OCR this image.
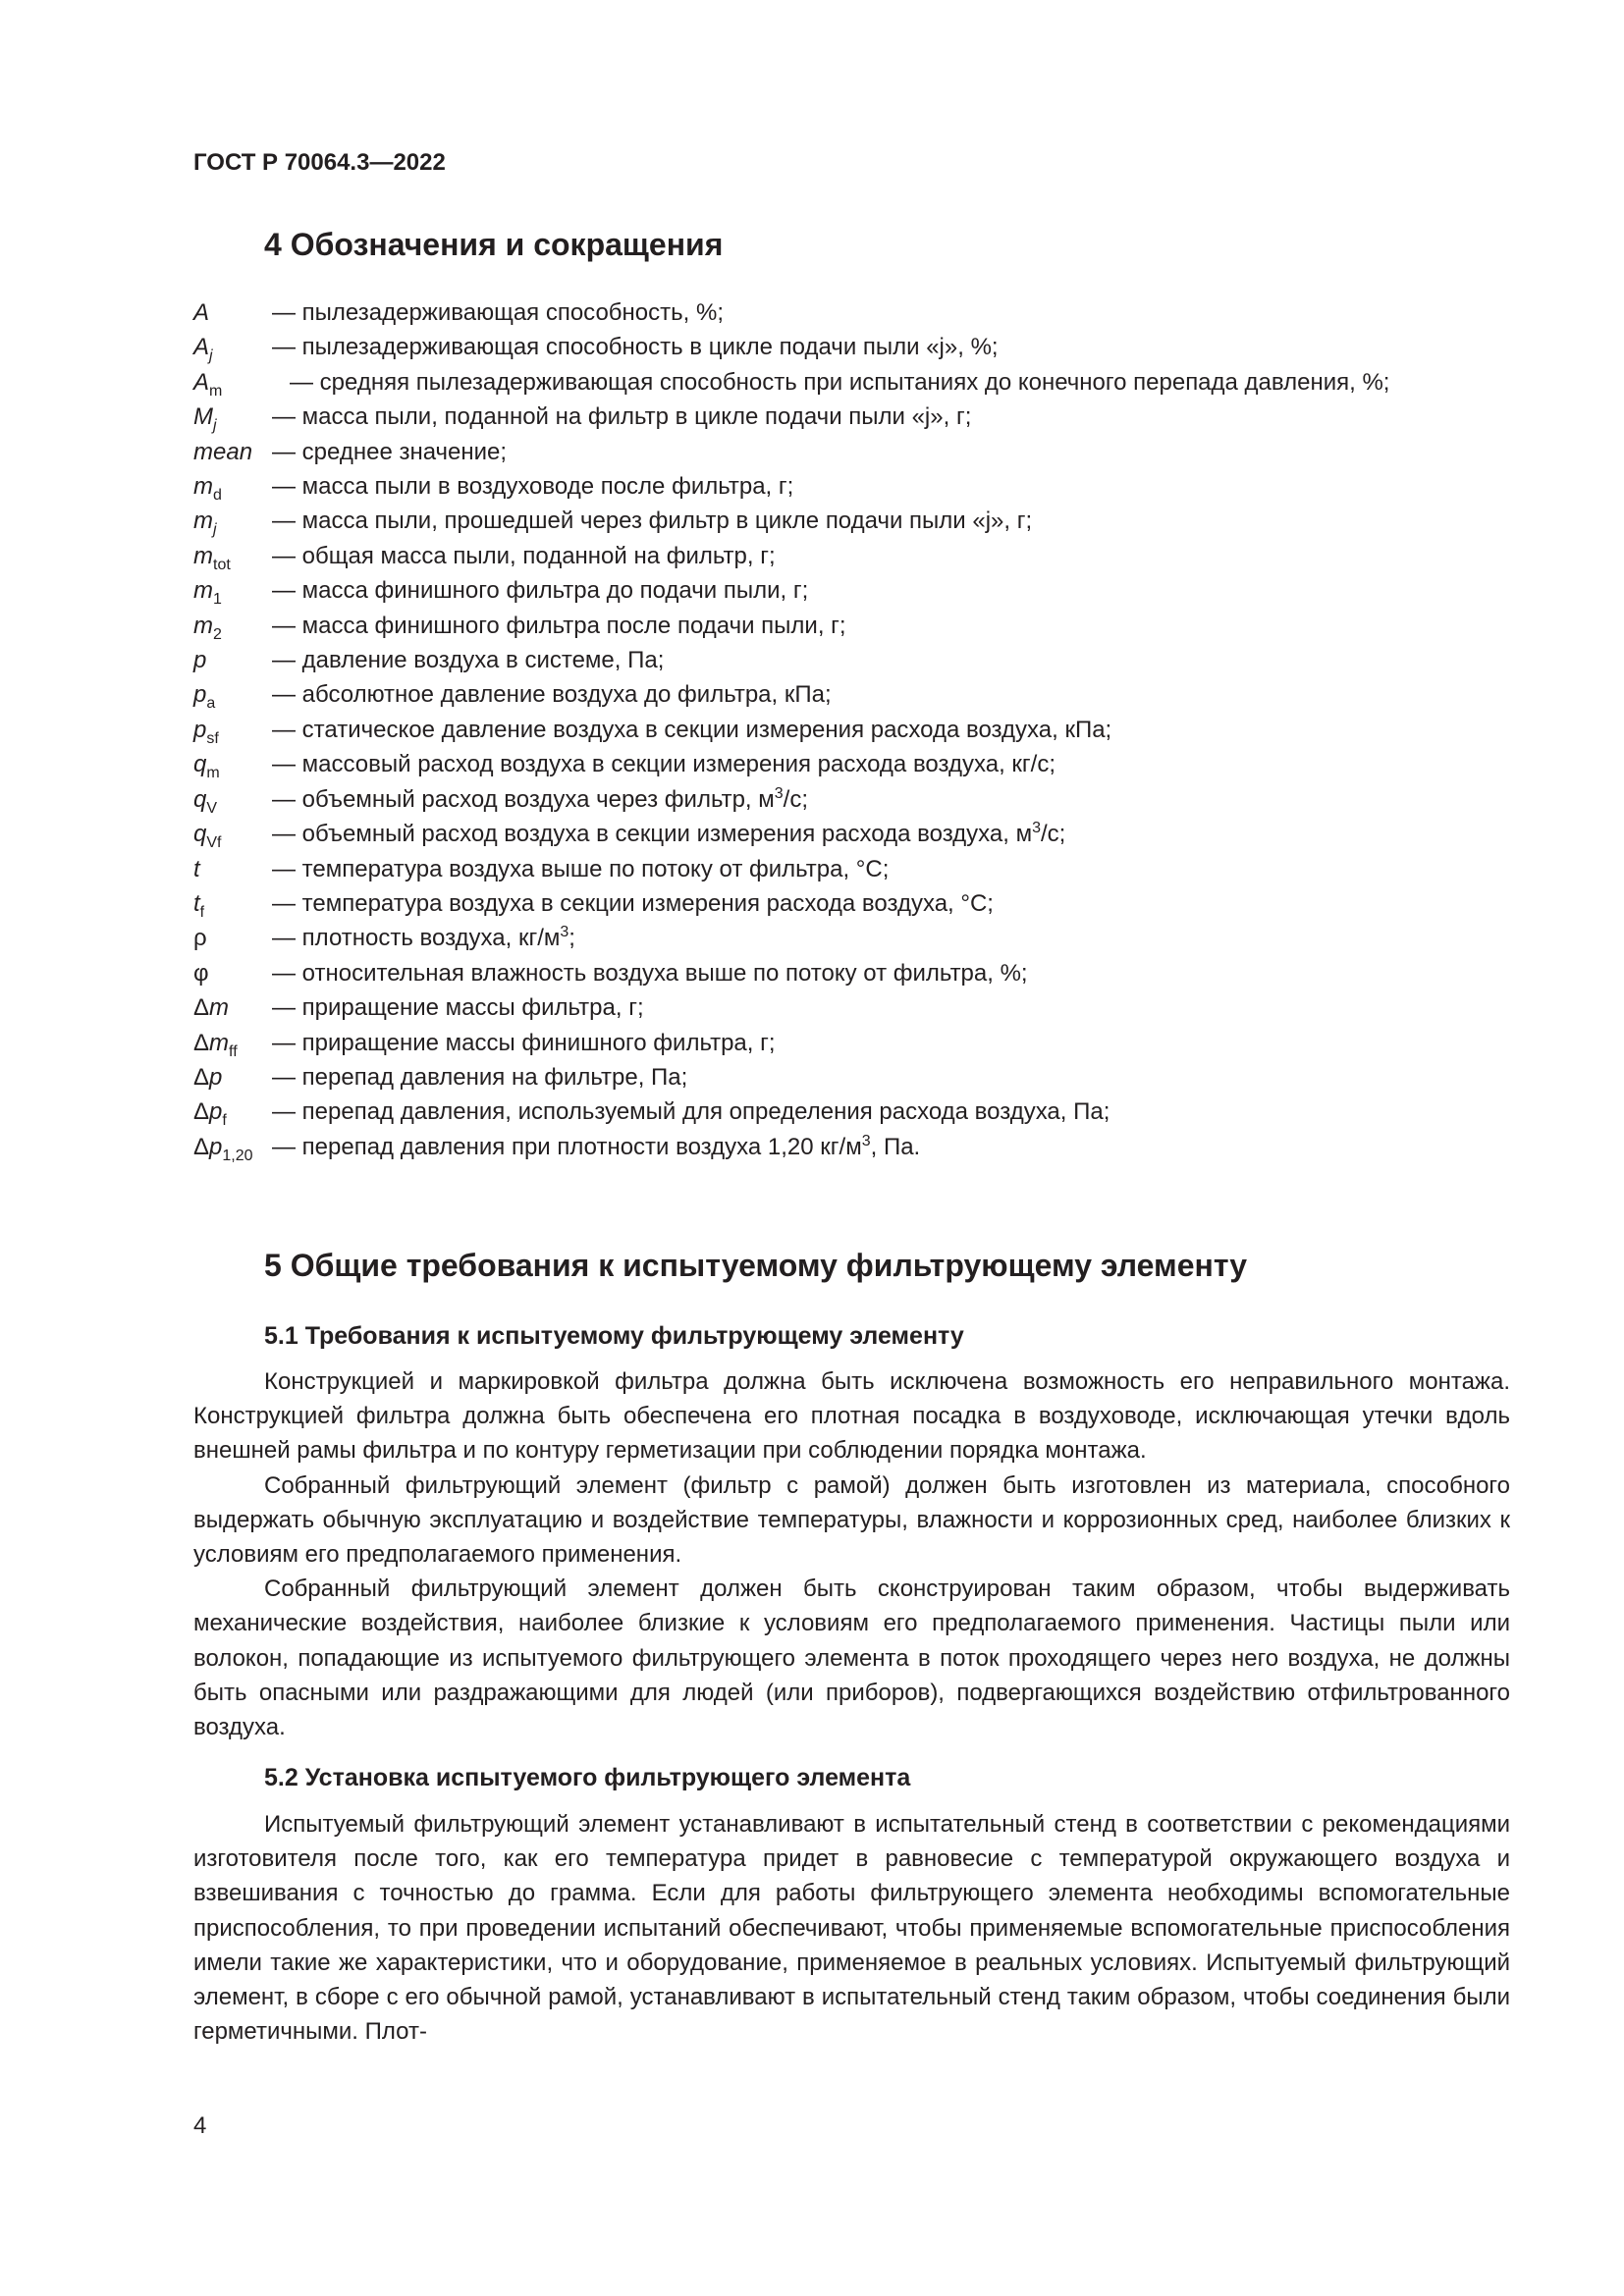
ГОСТ Р 70064.3—2022
4 Обозначения и сокращения
A	— пылезадерживающая способность, %;
$A_j$	— пылезадерживающая способность в цикле подачи пыли «j», %;
$A_m$	— средняя пылезадерживающая способность при испытаниях до конечного перепада давления, %;
$M_j$ — масса пыли, поданной на фильтр в цикле подачи пыли «j», г;
mean — среднее значение;
$m_d$ — масса пыли в воздуховоде после фильтра, г;
$m_j$ — масса пыли, прошедшей через фильтр в цикле подачи пыли «j», г;
$m_{tot}$ — общая масса пыли, поданной на фильтр, г;
$m_1$ — масса финишного фильтра до подачи пыли, г;
$m_2$ — масса финишного фильтра после подачи пыли, г;
p	— давление воздуха в системе, Па;
$p_a$ — абсолютное давление воздуха до фильтра, кПа;
$p_{sf}$ — статическое давление воздуха в секции измерения расхода воздуха, кПа;
$q_m$ — массовый расход воздуха в секции измерения расхода воздуха, кг/с;
$q_V$ — объемный расход воздуха через фильтр, $м^3/с$;
$q_{Vf}$ — объемный расход воздуха в секции измерения расхода воздуха, $м^3/с$;
t	— температура воздуха выше по потоку от фильтра, °С;
$t_f$	— температура воздуха в секции измерения расхода воздуха, °С;
ρ	— плотность воздуха, $кг/м^3$;
φ	— относительная влажность воздуха выше по потоку от фильтра, %;
Δm — приращение массы фильтра, г;
$\Delta m_{ff}$ — приращение массы финишного фильтра, г;
Δp — перепад давления на фильтре, Па;
$\Delta p_f$ — перепад давления, используемый для определения расхода воздуха, Па;
$\Delta p_{1,20}$ — перепад давления при плотности воздуха 1,20 $кг/м^3$, Па.
5 Общие требования к испытуемому фильтрующему элементу
5.1 Требования к испытуемому фильтрующему элементу

Конструкцией и маркировкой фильтра должна быть исключена возможность его неправильного монтажа. Конструкцией фильтра должна быть обеспечена его плотная посадка в воздуховоде, исключающая утечки вдоль внешней рамы фильтра и по контуру герметизации при соблюдении порядка монтажа.

Собранный фильтрующий элемент (фильтр с рамой) должен быть изготовлен из материала, способного выдержать обычную эксплуатацию и воздействие температуры, влажности и коррозионных сред, наиболее близких к условиям его предполагаемого применения.

Собранный фильтрующий элемент должен быть сконструирован таким образом, чтобы выдерживать механические воздействия, наиболее близкие к условиям его предполагаемого применения. Частицы пыли или волокон, попадающие из испытуемого фильтрующего элемента в поток проходящего через него воздуха, не должны быть опасными или раздражающими для людей (или приборов), подвергающихся воздействию отфильтрованного воздуха.

5.2 Установка испытуемого фильтрующего элемента

Испытуемый фильтрующий элемент устанавливают в испытательный стенд в соответствии с рекомендациями изготовителя после того, как его температура придет в равновесие с температурой окружающего воздуха и взвешивания с точностью до грамма. Если для работы фильтрующего элемента необходимы вспомогательные приспособления, то при проведении испытаний обеспечивают, чтобы применяемые вспомогательные приспособления имели такие же характеристики, что и оборудование, применяемое в реальных условиях. Испытуемый фильтрующий элемент, в сборе с его обычной рамой, устанавливают в испытательный стенд таким образом, чтобы соединения были герметичными. Плот-

4
